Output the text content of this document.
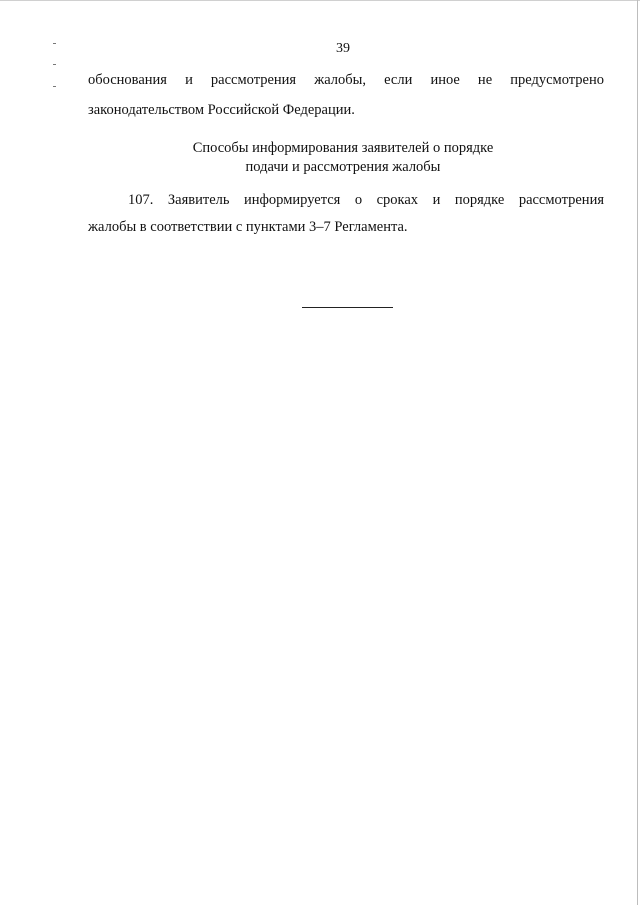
39
обоснования и рассмотрения жалобы, если иное не предусмотрено
законодательством Российской Федерации.
Способы информирования заявителей о порядке
подачи и рассмотрения жалобы
107. Заявитель информируется о сроках и порядке рассмотрения
жалобы в соответствии с пунктами 3–7 Регламента.
